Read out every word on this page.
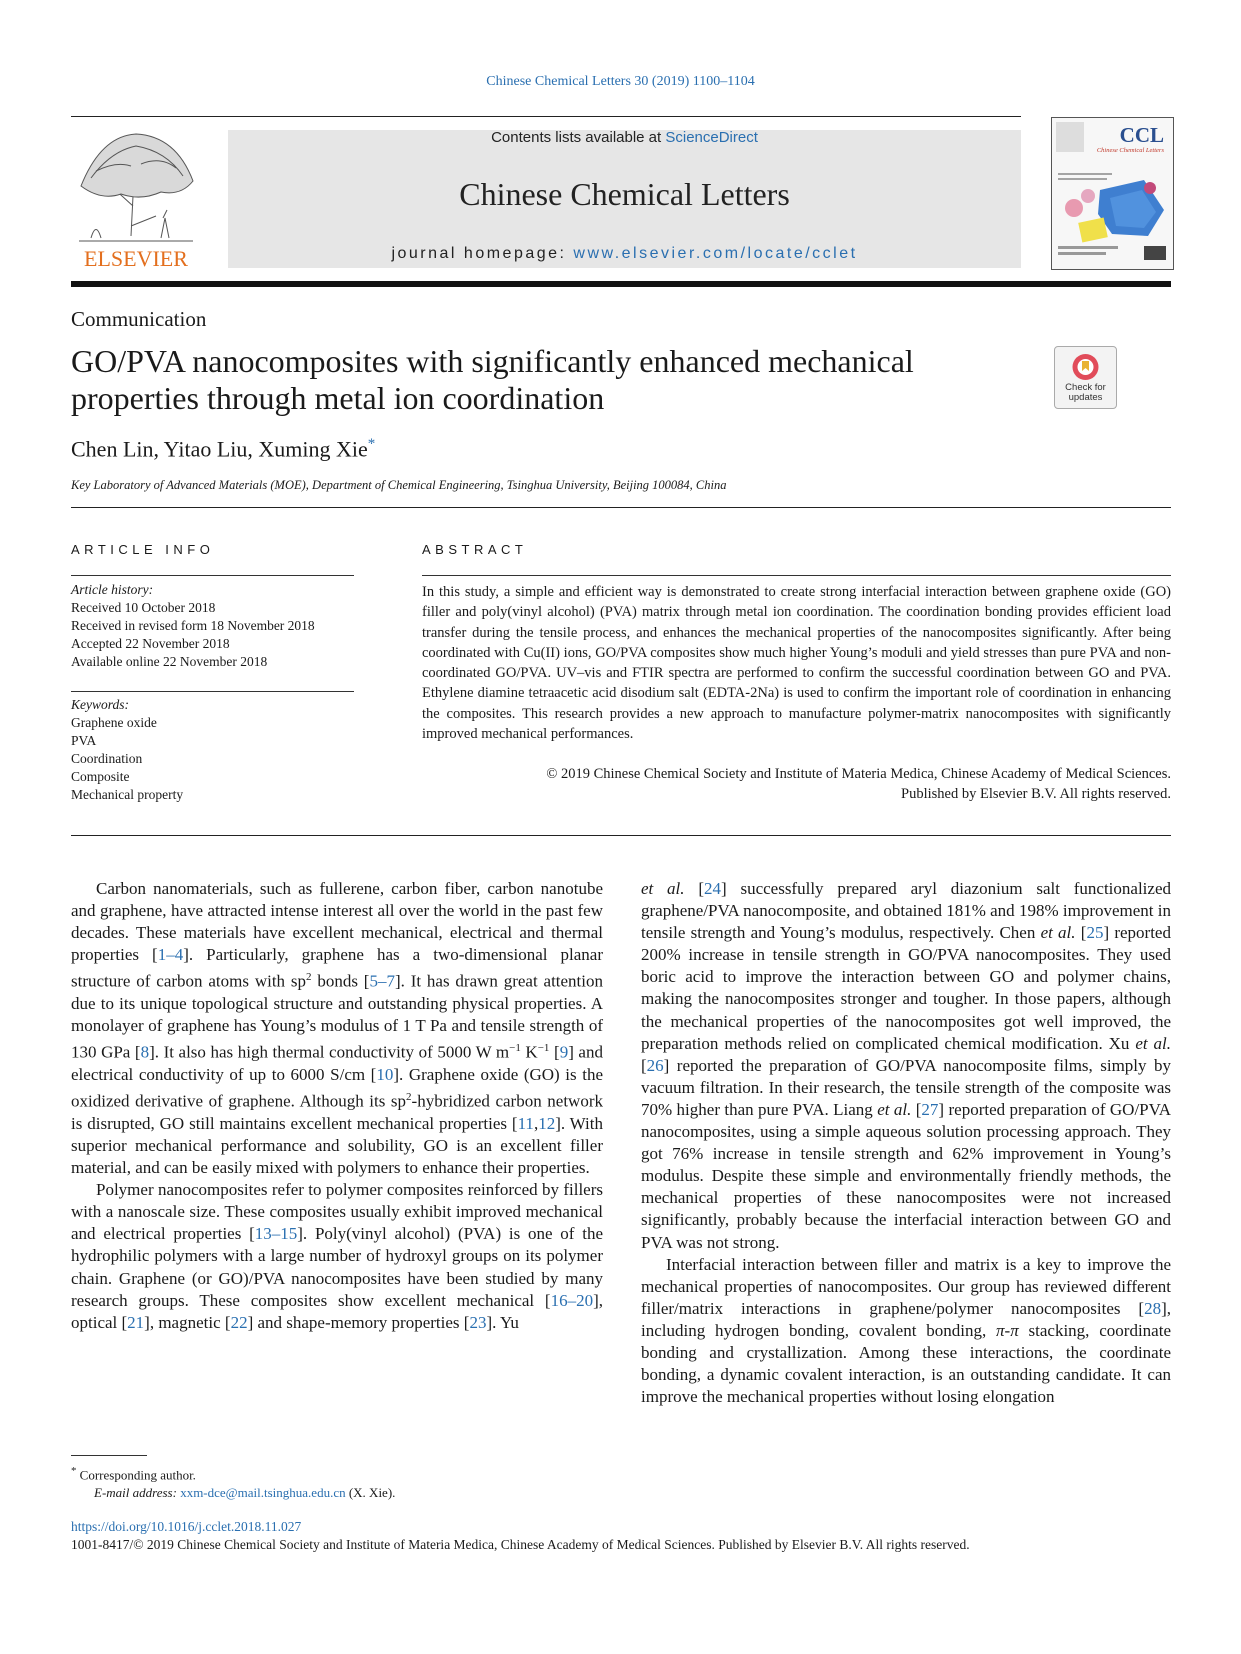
Chinese Chemical Letters 30 (2019) 1100–1104
ELSEVIER
Contents lists available at ScienceDirect
Chinese Chemical Letters
journal homepage: www.elsevier.com/locate/cclet
CCL
Chinese Chemical Letters
Communication
GO/PVA nanocomposites with significantly enhanced mechanical properties through metal ion coordination	Check for updates
Chen Lin, Yitao Liu, Xuming Xie*
Key Laboratory of Advanced Materials (MOE), Department of Chemical Engineering, Tsinghua University, Beijing 100084, China
ARTICLE INFO
Article history:
Received 10 October 2018
Received in revised form 18 November 2018
Accepted 22 November 2018
Available online 22 November 2018
Keywords:
Graphene oxide
PVA
Coordination
Composite
Mechanical property
ABSTRACT
In this study, a simple and efficient way is demonstrated to create strong interfacial interaction between graphene oxide (GO) filler and poly(vinyl alcohol) (PVA) matrix through metal ion coordination. The coordination bonding provides efficient load transfer during the tensile process, and enhances the mechanical properties of the nanocomposites significantly. After being coordinated with Cu(II) ions, GO/PVA composites show much higher Young’s moduli and yield stresses than pure PVA and non-coordinated GO/PVA. UV–vis and FTIR spectra are performed to confirm the successful coordination between GO and PVA. Ethylene diamine tetraacetic acid disodium salt (EDTA-2Na) is used to confirm the important role of coordination in enhancing the composites. This research provides a new approach to manufacture polymer-matrix nanocomposites with significantly improved mechanical performances.
© 2019 Chinese Chemical Society and Institute of Materia Medica, Chinese Academy of Medical Sciences.
Published by Elsevier B.V. All rights reserved.

Carbon nanomaterials, such as fullerene, carbon fiber, carbon nanotube and graphene, have attracted intense interest all over the world in the past few decades. These materials have excellent mechanical, electrical and thermal properties [1–4]. Particularly, graphene has a two-dimensional planar structure of carbon atoms with $sp^2$ bonds [5–7]. It has drawn great attention due to its unique topological structure and outstanding physical properties. A monolayer of graphene has Young’s modulus of 1 T Pa and tensile strength of 130 GPa [8]. It also has high thermal conductivity of 5000 W $m^{-1}$ $K^{-1}$ [9] and electrical conductivity of up to 6000 S/cm [10]. Graphene oxide (GO) is the oxidized derivative of graphene. Although its $sp^2$-hybridized carbon network is disrupted, GO still maintains excellent mechanical properties [11,12]. With superior mechanical performance and solubility, GO is an excellent filler material, and can be easily mixed with polymers to enhance their properties.

Polymer nanocomposites refer to polymer composites reinforced by fillers with a nanoscale size. These composites usually exhibit improved mechanical and electrical properties [13–15]. Poly(vinyl alcohol) (PVA) is one of the hydrophilic polymers with a large number of hydroxyl groups on its polymer chain. Graphene (or GO)/PVA nanocomposites have been studied by many research groups. These composites show excellent mechanical [16–20], optical [21], magnetic [22] and shape-memory properties [23]. Yu

et al. [24] successfully prepared aryl diazonium salt functionalized graphene/PVA nanocomposite, and obtained 181% and 198% improvement in tensile strength and Young’s modulus, respectively. Chen et al. [25] reported 200% increase in tensile strength in GO/PVA nanocomposites. They used boric acid to improve the interaction between GO and polymer chains, making the nanocomposites stronger and tougher. In those papers, although the mechanical properties of the nanocomposites got well improved, the preparation methods relied on complicated chemical modification. Xu et al. [26] reported the preparation of GO/PVA nanocomposite films, simply by vacuum filtration. In their research, the tensile strength of the composite was 70% higher than pure PVA. Liang et al. [27] reported preparation of GO/PVA nanocomposites, using a simple aqueous solution processing approach. They got 76% increase in tensile strength and 62% improvement in Young’s modulus. Despite these simple and environmentally friendly methods, the mechanical properties of these nanocomposites were not increased significantly, probably because the interfacial interaction between GO and PVA was not strong.

Interfacial interaction between filler and matrix is a key to improve the mechanical properties of nanocomposites. Our group has reviewed different filler/matrix interactions in graphene/polymer nanocomposites [28], including hydrogen bonding, covalent bonding, π-π stacking, coordinate bonding and crystallization. Among these interactions, the coordinate bonding, a dynamic covalent interaction, is an outstanding candidate. It can improve the mechanical properties without losing elongation

* Corresponding author.
E-mail address: xxm-dce@mail.tsinghua.edu.cn (X. Xie).
https://doi.org/10.1016/j.cclet.2018.11.027
1001-8417/© 2019 Chinese Chemical Society and Institute of Materia Medica, Chinese Academy of Medical Sciences. Published by Elsevier B.V. All rights reserved.
